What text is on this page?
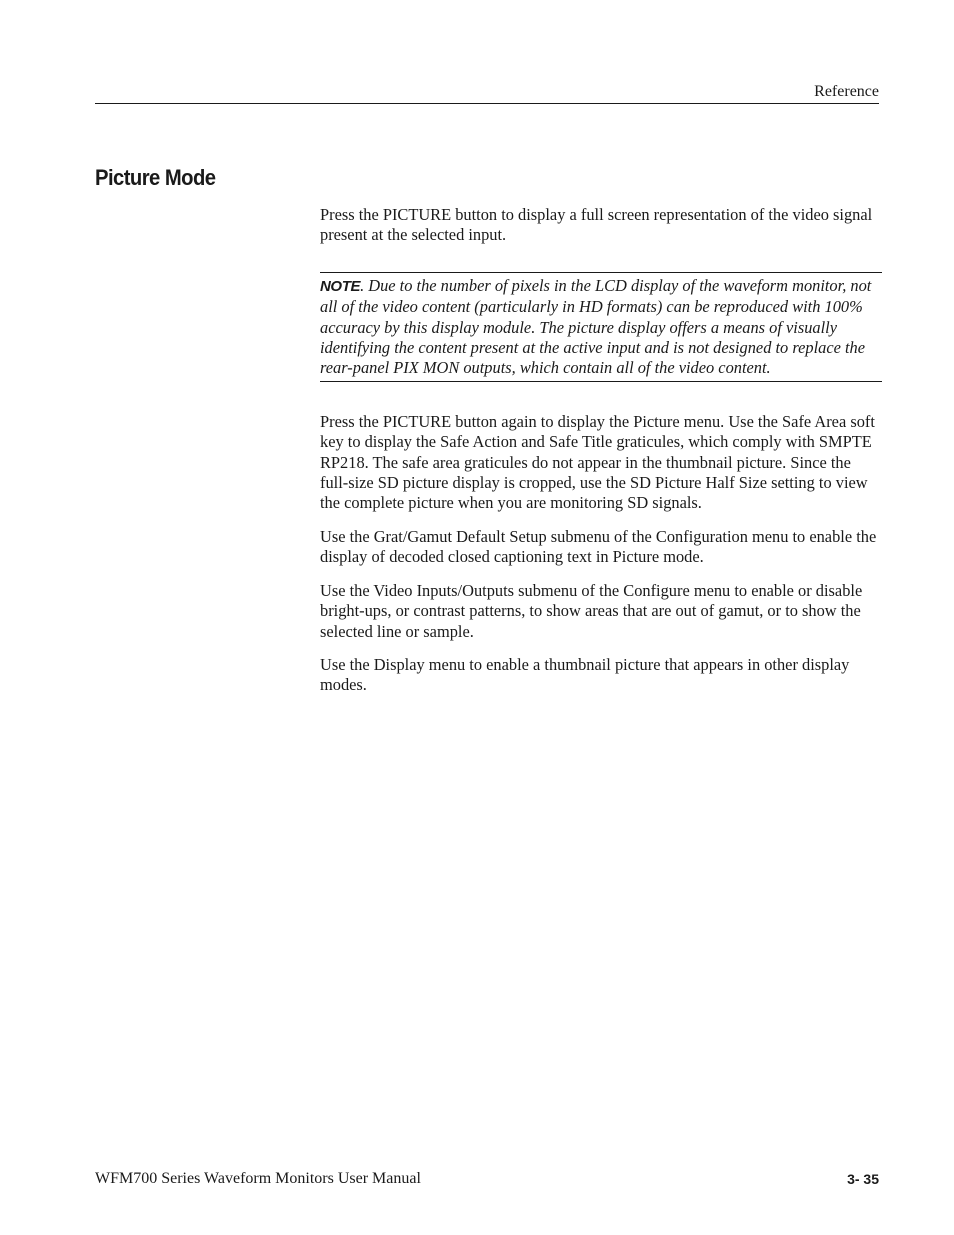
Reference
Picture Mode

Press the PICTURE button to display a full screen representation of the video signal present at the selected input.

NOTE. Due to the number of pixels in the LCD display of the waveform monitor, not all of the video content (particularly in HD formats) can be reproduced with 100% accuracy by this display module. The picture display offers a means of visually identifying the content present at the active input and is not designed to replace the rear-panel PIX MON outputs, which contain all of the video content.

Press the PICTURE button again to display the Picture menu. Use the Safe Area soft key to display the Safe Action and Safe Title graticules, which comply with SMPTE RP218. The safe area graticules do not appear in the thumbnail picture. Since the full-size SD picture display is cropped, use the SD Picture Half Size setting to view the complete picture when you are monitoring SD signals.

Use the Grat/Gamut Default Setup submenu of the Configuration menu to enable the display of decoded closed captioning text in Picture mode.

Use the Video Inputs/Outputs submenu of the Configure menu to enable or disable bright-ups, or contrast patterns, to show areas that are out of gamut, or to show the selected line or sample.

Use the Display menu to enable a thumbnail picture that appears in other display modes.

WFM700 Series Waveform Monitors User Manual	3- 35
